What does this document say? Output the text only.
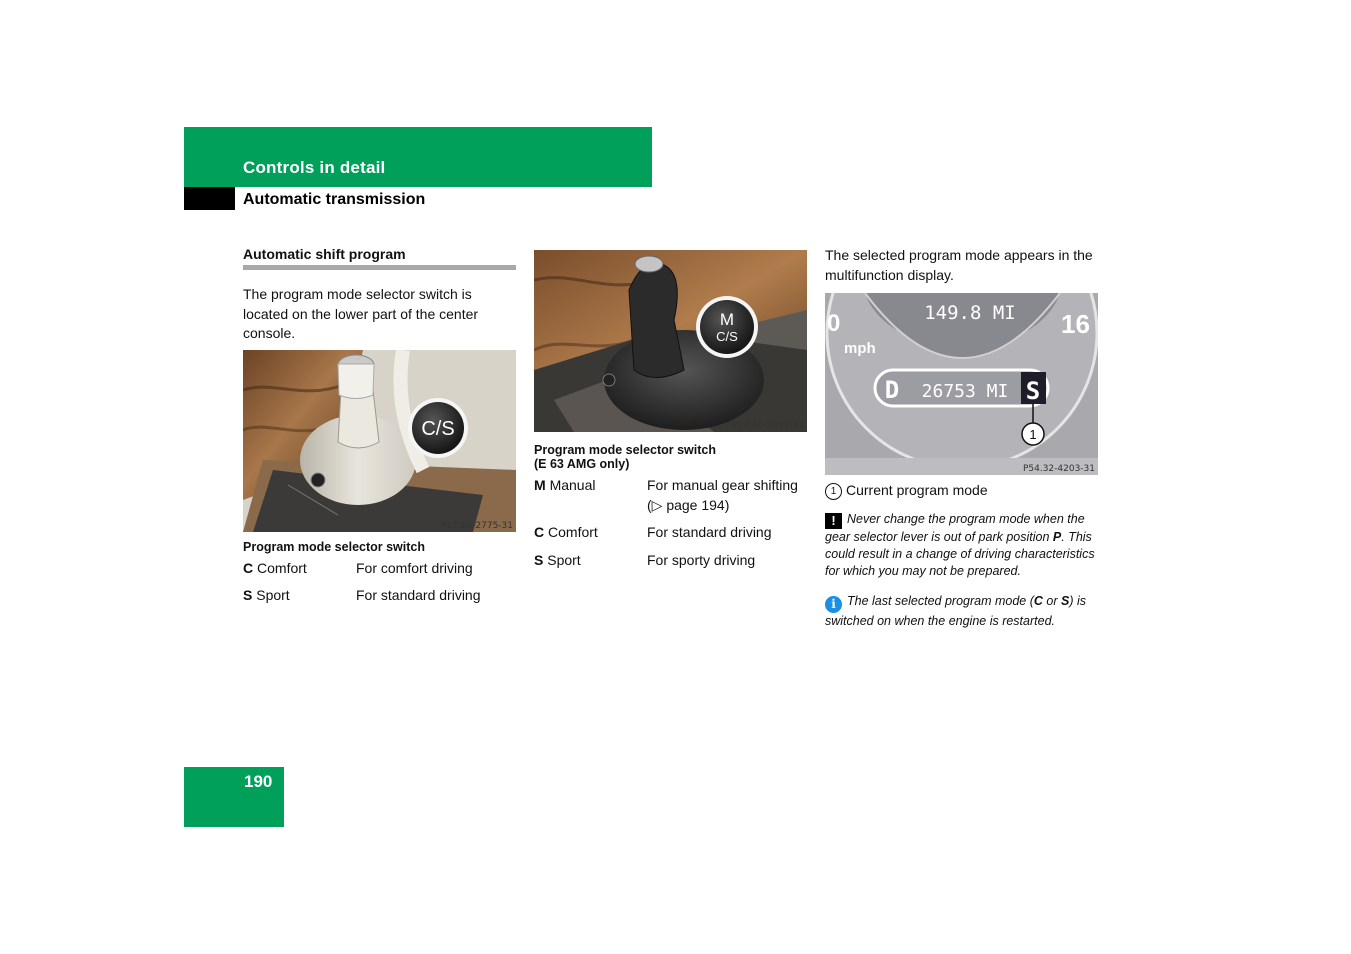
Controls in detail
Automatic transmission
Automatic shift program

The program mode selector switch is located on the lower part of the center console.

C/S
P27.60-2775-31

Program mode selector switch

C Comfort	For comfort driving
S Sport	For standard driving
M
C/S
P27.60-2853-31

Program mode selector switch
(E 63 AMG only)

M Manual	For manual gear shifting
(▷ page 194)
C Comfort	For standard driving
S Sport	For sporty driving

The selected program mode appears in the multifunction display.

149.8 MI
0	16
mph
D 26753 MI S
1
P54.32-4203-31

1 Current program mode

! Never change the program mode when the gear selector lever is out of park position P. This could result in a change of driving characteristics for which you may not be prepared.

i The last selected program mode (C or S) is switched on when the engine is restarted.

190
